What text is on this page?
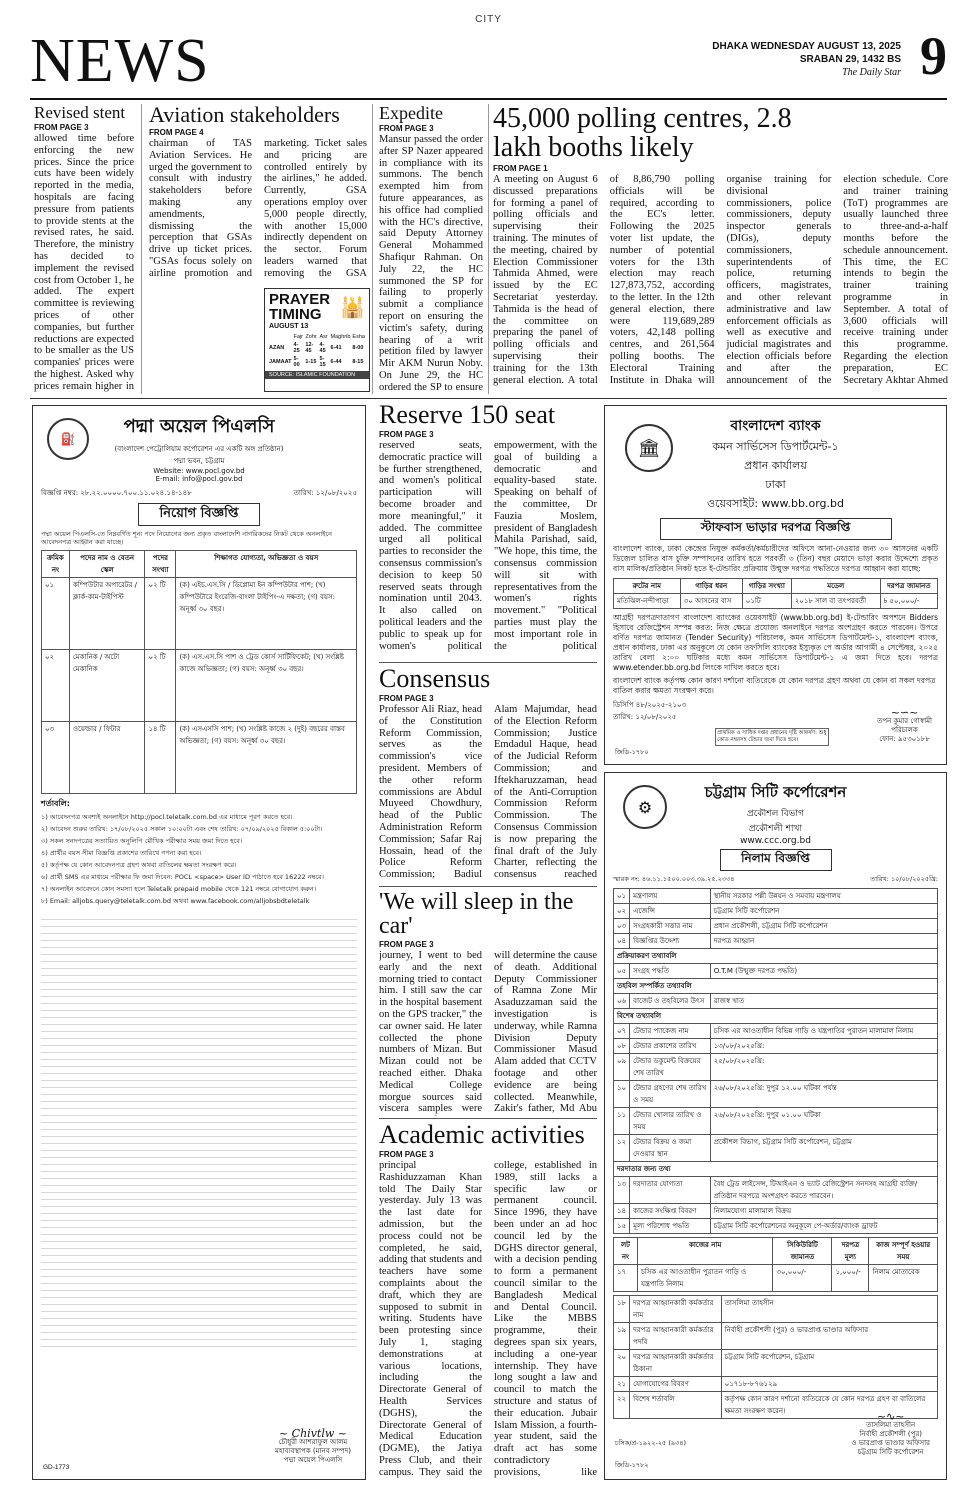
CITY
NEWS	DHAKA WEDNESDAY AUGUST 13, 2025
SRABAN 29, 1432 BS
The Daily Star 9
Revised stent
FROM PAGE 3
allowed time before enforcing the new prices. Since the price cuts have been widely reported in the media, hospitals are facing pressure from patients to provide stents at the revised rates, he said. Therefore, the ministry has decided to implement the revised cost from October 1, he added. The expert committee is reviewing prices of other companies, but further reductions are expected to be smaller as the US companies' prices were the highest. Asked why prices remain higher in
Aviation stakeholders
FROM PAGE 4
chairman of TAS Aviation Services. He urged the government to consult with industry stakeholders before making any amendments, dismissing the perception that GSAs drive up ticket prices. "GSAs focus solely on airline promotion and marketing. Ticket sales and pricing are controlled entirely by the airlines," he added. Currently, GSA operations employ over 5,000 people directly, with another 15,000 indirectly dependent on the sector. Forum leaders warned that removing the GSA
PRAYER
TIMING
AUGUST 13
🕌
	Fajr	Zohr	Asr	Maghrib	Esha
AZAN	4-25	12-45	4-45	6-41	8-00
JAMAAT	5-00	1-15	5-15	6-44	8-15
SOURCE: ISLAMIC FOUNDATION
Expedite
FROM PAGE 3
Mansur passed the order after SP Nazer appeared in compliance with its summons. The bench exempted him from future appearances, as his office had complied with the HC's directive, said Deputy Attorney General Mohammed Shafiqur Rahman. On July 22, the HC summoned the SP for failing to properly submit a compliance report on ensuring the victim's safety, during hearing of a writ petition filed by lawyer Mir AKM Nurun Noby. On June 29, the HC ordered the SP to ensure
45,000 polling centres, 2.8 lakh booths likely
FROM PAGE 1
A meeting on August 6 discussed preparations for forming a panel of polling officials and supervising their training. The minutes of the meeting, chaired by Election Commissioner Tahmida Ahmed, were issued by the EC Secretariat yesterday. Tahmida is the head of the committee on preparing the panel of polling officials and supervising their training for the 13th general election. A total of 8,86,790 polling officials will be required, according to the EC's letter. Following the 2025 voter list update, the number of potential voters for the 13th election may reach 127,873,752, according to the letter. In the 12th general election, there were 119,689,289 voters, 42,148 polling centres, and 261,564 polling booths. The Electoral Training Institute in Dhaka will organise training for divisional commissioners, police commissioners, deputy inspector generals (DIGs), deputy commissioners, superintendents of police, returning officers, magistrates, and other relevant administrative and law enforcement officials as well as executive and judicial magistrates and election officials before and after the announcement of the election schedule. Core and trainer training (ToT) programmes are usually launched three to three-and-a-half months before the schedule announcement. This time, the EC intends to begin the trainer training programme in September. A total of 3,600 officials will receive training under this programme. Regarding the election preparation, EC Secretary Akhtar Ahmed
⛽
পদ্মা অয়েল পিএলসি
(বাংলাদেশ পেট্রোলিয়াম কর্পোরেশন এর একটি অঙ্গ প্রতিষ্ঠান)
পদ্মা ভবন, চট্টগ্রাম
Website: www.pocl.gov.bd
E-mail: info@pocl.gov.bd
বিজ্ঞপ্তি নম্বর: ২৮.২২.০০০০.৭০০.১১.০২৪.১৪-১৪৮	তারিখ: ১২/০৮/২০২৫
নিয়োগ বিজ্ঞপ্তি
পদ্মা অয়েল পিএলসি-তে নিম্নবর্ণিত শূন্য পদে নিয়োগের জন্য প্রকৃত বাংলাদেশি নাগরিকদের নিকট থেকে অনলাইনে আবেদনপত্র আহ্বান করা যাচ্ছে।
ক্রমিক নং	পদের নাম ও বেতন স্কেল	পদের সংখ্যা	শিক্ষাগত যোগ্যতা, অভিজ্ঞতা ও বয়স
০১	কম্পিউটার অপারেটর / ক্লার্ক-কাম-টাইপিস্ট	০২ টি	(ক) এইচ.এস.সি / ডিপ্লোমা ইন কম্পিউটার পাশ; (খ) কম্পিউটারে ইংরেজি-বাংলা টাইপিং-এ দক্ষতা; (গ) বয়স: অনূর্ধ্ব ৩০ বছর।
০২	মেকানিক / অটো মেকানিক	০২ টি	(ক) এস.এস.সি পাশ ও ট্রেড কোর্স সার্টিফিকেট; (খ) সংশ্লিষ্ট কাজে অভিজ্ঞতা; (গ) বয়স: অনূর্ধ্ব ৩০ বছর।
০৩	ওয়েল্ডার / ফিটার	১৪ টি	(ক) এসএসসি পাশ; (খ) সংশ্লিষ্ট কাজে ২ (দুই) বছরের বাস্তব অভিজ্ঞতা; (গ) বয়স: অনূর্ধ্ব ৩০ বছর।
শর্তাবলি:
১) আবেদনপত্র অবশ্যই অনলাইনে http://pocl.teletalk.com.bd এর মাধ্যমে পূরণ করতে হবে।
২) আবেদন শুরুর তারিখ: ১৭/০৮/২০২৫ সকাল ১০:০০টা এবং শেষ তারিখ: ০৭/০৯/২০২৫ বিকাল ৫:০০টা।
৩) সকল সনদপত্রের সত্যায়িত অনুলিপি মৌখিক পরীক্ষার সময় জমা দিতে হবে।
৪) প্রার্থীর বয়স সীমা বিজ্ঞপ্তি প্রকাশের তারিখে গণনা করা হবে।
৫) কর্তৃপক্ষ যে কোন আবেদনপত্র গ্রহণ অথবা বাতিলের ক্ষমতা সংরক্ষণ করে।
৬) প্রার্থী SMS এর মাধ্যমে পরীক্ষার ফি জমা দিবেন: POCL <space> User ID পাঠাতে হবে 16222 নম্বরে।
৭) অনলাইন আবেদনে কোন সমস্যা হলে Teletalk prepaid mobile থেকে 121 নম্বরে যোগাযোগ করুন।
৮) Email: alljobs.query@teletalk.com.bd অথবা www.facebook.com/alljobsbdteletalk
~ Chivtlw ~
চৌধুরী আশরাফুল আলম
মহাব্যবস্থাপক (মানব সম্পদ)
পদ্মা অয়েল পিএলসি
GD-1773
Reserve 150 seat
FROM PAGE 3
reserved seats, democratic practice will be further strengthened, and women's political participation will become broader and more meaningful," it added. The committee urged all political parties to reconsider the consensus commission's decision to keep 50 reserved seats through nomination until 2043. It also called on political leaders and the public to speak up for women's political empowerment, with the goal of building a democratic and equality-based state. Speaking on behalf of the committee, Dr Fauzia Moslem, president of Bangladesh Mahila Parishad, said, "We hope, this time, the consensus commission will sit with representatives from the women's rights movement." "Political parties must play the most important role in the political
Consensus
FROM PAGE 3
Professor Ali Riaz, head of the Constitution Reform Commission, serves as the commission's vice president. Members of the other reform commissions are Abdul Muyeed Chowdhury, head of the Public Administration Reform Commission; Safar Raj Hossain, head of the Police Reform Commission; Badiul Alam Majumdar, head of the Election Reform Commission; Justice Emdadul Haque, head of the Judicial Reform Commission; and Iftekharuzzaman, head of the Anti-Corruption Commission Reform Commission. The Consensus Commission is now preparing the final draft of the July Charter, reflecting the consensus reached
'We will sleep in the car'
FROM PAGE 3
journey, I went to bed early and the next morning tried to contact him. I still saw the car in the hospital basement on the GPS tracker," the car owner said. He later collected the phone numbers of Mizan. But Mizan could not be reached either. Dhaka Medical College morgue sources said viscera samples were will determine the cause of death. Additional Deputy Commissioner of Ramna Zone Mir Asaduzzaman said the investigation is underway, while Ramna Division Deputy Commissioner Masud Alam added that CCTV footage and other evidence are being collected. Meanwhile, Zakir's father, Md Abu
Academic activities
FROM PAGE 3
principal Rashiduzzaman Khan told The Daily Star yesterday. July 13 was the last date for admission, but the process could not be completed, he said, adding that students and teachers have some complaints about the draft, which they are supposed to submit in writing. Students have been protesting since July 1, staging demonstrations at various locations, including the Directorate General of Health Services (DGHS), the Directorate General of Medical Education (DGME), the Jatiya Press Club, and their campus. They said the college, established in 1989, still lacks a specific law or permanent council. Since 1996, they have been under an ad hoc council led by the DGHS director general, with a decision pending to form a permanent council similar to the Bangladesh Medical and Dental Council. Like the MBBS programme, their degrees span six years, including a one-year internship. They have long sought a law and council to match the structure and status of their education. Jubair Islam Mission, a fourth-year student, said the draft act has some contradictory provisions, like
🏛
বাংলাদেশ ব্যাংক
কমন সার্ভিসেস ডিপার্টমেন্ট-১
প্রধান কার্যালয়
ঢাকা
ওয়েবসাইট: www.bb.org.bd
স্টাফবাস ভাড়ার দরপত্র বিজ্ঞপ্তি
বাংলাদেশ ব্যাংক, ঢাকা কেন্দ্রের নিযুক্ত কর্মকর্তা/কর্মচারীদের অফিসে আনা-নেওয়ার জন্য ৩০ আসনের একটি ডিজেল চালিত বাস চুক্তি সম্পাদনের তারিখ হতে পরবর্তী ৩ (তিন) বছর মেয়াদে ভাড়া করার উদ্দেশ্যে প্রকৃত বাস মালিক/প্রতিষ্ঠান নিকট হতে ই-টেন্ডারিং প্রক্রিয়ায় উন্মুক্ত দরপত্র পদ্ধতিতে দরপত্র আহ্বান করা যাচ্ছে:
রুটের নাম	গাড়ির ধরন	গাড়ির সংখ্যা	মডেল	দরপত্র জামানত
মতিঝিল-নন্দীপাড়া	৩০ আসনের বাস	০১টি	২০১৮ সাল বা তৎপরবর্তী	৳ ৫০,০০০/-
আগ্রহী দরপত্রদাতাগণ বাংলাদেশ ব্যাংকের ওয়েবসাইট (www.bb.org.bd) ই-টেন্ডারিং অপশনে Bidders হিসাবে রেজিস্ট্রেশন সম্পন্ন করত: নিজ ক্ষেত্রে প্রযোজ্য অনলাইনে দরপত্র অংশগ্রহণ করতে পারবেন। উপরে বর্ণিত দরপত্র জামানত (Tender Security) পরিচালক, কমন সার্ভিসেস ডিপার্টমেন্ট-১, বাংলাদেশ ব্যাংক, প্রধান কার্যালয়, ঢাকা এর অনুকূলে যে কোন তফসিলি ব্যাংকের ইস্যুকৃত পে অর্ডার আগামী ৪ সেপ্টেম্বর, ২০২৫ তারিখ বেলা ২:০০ ঘটিকার মধ্যে কমন সার্ভিসেস ডিপার্টমেন্ট-১ এ জমা দিতে হবে। দরপত্র www.etender.bb.org.bd লিংকে দাখিল করতে হবে।
বাংলাদেশ ব্যাংক কর্তৃপক্ষ কোন কারণ দর্শানো ব্যতিরেকে যে কোন দরপত্র গ্রহণ অথবা যে কোন বা সকল দরপত্র বাতিল করার ক্ষমতা সংরক্ষণ করে।
ডিসিপি ৪৮/২০২৫-২১০৩
তারিখ: ১২/০৮/২০২৫	~∽~
তপন কুমার গোস্বামী
পরিচালক
ফোন: ৯৫৩০১৮৮
প্রাথমিক ও সাধিক দপ্তর প্রধানের দৃষ্টি আকর্ষণ: শুধু কোড নম্বরসহ টেন্ডার জমা দিতে হবে।
জিডি-১৭৮০
⚙
চট্টগ্রাম সিটি কর্পোরেশন
প্রকৌশল বিভাগ
প্রকৌশলী শাখা
www.ccc.org.bd
নিলাম বিজ্ঞপ্তি
স্মারক নং: ৪৬.১১.১৫০০.০০৩.৩৯.২৫.২৩৩৪	তারিখ: ১০/০৮/২০২৫খ্রি:
০১	মন্ত্রণালয়	স্থানীয় সরকার পল্লী উন্নয়ন ও সমবায় মন্ত্রণালয়
০২	এজেন্সি	চট্টগ্রাম সিটি কর্পোরেশন
০৩	সংগ্রহকারী সত্তার নাম	প্রধান প্রকৌশলী, চট্টগ্রাম সিটি কর্পোরেশন
০৪	বিজ্ঞপ্তির উদ্দেশ্য	দরপত্র আহ্বান
প্রক্রিয়াকরণ তথ্যাবলি		
০৫	সংগ্রহ পদ্ধতি	O.T.M (উন্মুক্ত দরপত্র পদ্ধতি)
তহবিল সম্পর্কিত তথ্যাবলি		
০৬	বাজেট ও তহবিলের উৎস	রাজস্ব খাত
বিশেষ তথ্যাবলি		
০৭	টেন্ডার প্যাকেজ নাম	চসিক এর আওতাধীন বিভিন্ন গাড়ি ও যন্ত্রপাতির পুরাতন মালামাল নিলাম
০৮	টেন্ডার প্রকাশের তারিখ	১৩/০৮/২০২৫খ্রি:
০৯	টেন্ডার ডকুমেন্ট বিক্রয়ের শেষ তারিখ	২৫/০৮/২০২৫খ্রি:
১০	টেন্ডার গ্রহণের শেষ তারিখ ও সময়	২৬/০৮/২০২৫খ্রি: দুপুর ১২.০০ ঘটিকা পর্যন্ত
১১	টেন্ডার খোলার তারিখ ও সময়	২৬/০৮/২০২৫খ্রি: দুপুর ০১.০০ ঘটিকা
১২	টেন্ডার বিক্রয় ও জমা দেওয়ার স্থান	প্রকৌশল বিভাগ, চট্টগ্রাম সিটি কর্পোরেশন, চট্টগ্রাম
দরদাতার জন্য তথ্য		
১৩	দরদাতার যোগ্যতা	বৈধ ট্রেড লাইসেন্স, টিআইএন ও ভ্যাট রেজিস্ট্রেশন সনদসহ আগ্রহী ব্যক্তি/প্রতিষ্ঠান দরপত্রে অংশগ্রহণ করতে পারবেন।
১৪	কাজের সংক্ষিপ্ত বিবরণ	নিলামযোগ্য মালামাল বিক্রয়
১৫	মূল্য পরিশোধ পদ্ধতি	চট্টগ্রাম সিটি কর্পোরেশনের অনুকূলে পে-অর্ডার/ব্যাংক ড্রাফট
লট নং	কাজের নাম	সিকিউরিটি জামানত	দরপত্র মূল্য	কাজ সম্পূর্ণ হওয়ার সময়
১৭	চসিক এর আওতাধীন পুরাতন গাড়ি ও যন্ত্রপাতি নিলাম	৩০,০০০/-	১,০০০/-	নিলাম মোতাবেক
১৮	দরপত্র আহ্বানকারী কর্মকর্তার নাম	তাসলিমা তাহসীন
১৯	দরপত্র আহ্বানকারী কর্মকর্তার পদবি	নির্বাহী প্রকৌশলী (পুর) ও ভারপ্রাপ্ত ভাণ্ডার অফিসার
২০	দরপত্র আহ্বানকারী কর্মকর্তার ঠিকানা	চট্টগ্রাম সিটি কর্পোরেশন, চট্টগ্রাম
২১	যোগাযোগের বিবরণ	০১৭১৮-৮৭৬১২৯
২২	বিশেষ শর্তাবলি	কর্তৃপক্ষ কোন কারণ দর্শানো ব্যতিরেকে যে কোন দরপত্র গ্রহণ বা বাতিলের ক্ষমতা সংরক্ষণ করেন।	~∿~
তাসলিমা তাহসীন
নির্বাহী প্রকৌশলী (পুর)
ও ভারপ্রাপ্ত ভাণ্ডার অফিসার
চট্টগ্রাম সিটি কর্পোরেশন
চসিক/প্র-১৯২২-২৫ (৯৩৪)
জিডি-১৭৮২
